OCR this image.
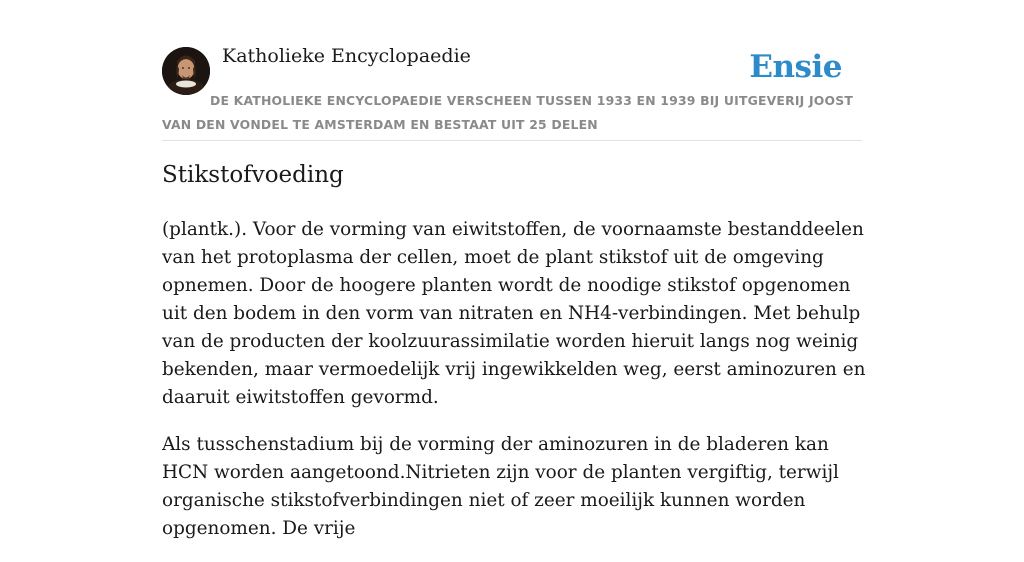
Katholieke Encyclopaedie	Ensie
DE KATHOLIEKE ENCYCLOPAEDIE VERSCHEEN TUSSEN 1933 EN 1939 BIJ UITGEVERIJ JOOST VAN DEN VONDEL TE AMSTERDAM EN BESTAAT UIT 25 DELEN
Stikstofvoeding

(plantk.). Voor de vorming van eiwitstoffen, de voornaamste bestanddeelen van het protoplasma der cellen, moet de plant stikstof uit de omgeving opnemen. Door de hoogere planten wordt de noodige stikstof opgenomen uit den bodem in den vorm van nitraten en NH4-verbindingen. Met behulp van de producten der koolzuurassimilatie worden hieruit langs nog weinig bekenden, maar vermoedelijk vrij ingewikkelden weg, eerst aminozuren en daaruit eiwitstoffen gevormd.

Als tusschenstadium bij de vorming der aminozuren in de bladeren kan HCN worden aangetoond.Nitrieten zijn voor de planten vergiftig, terwijl organische stikstofverbindingen niet of zeer moeilijk kunnen worden opgenomen. De vrije
